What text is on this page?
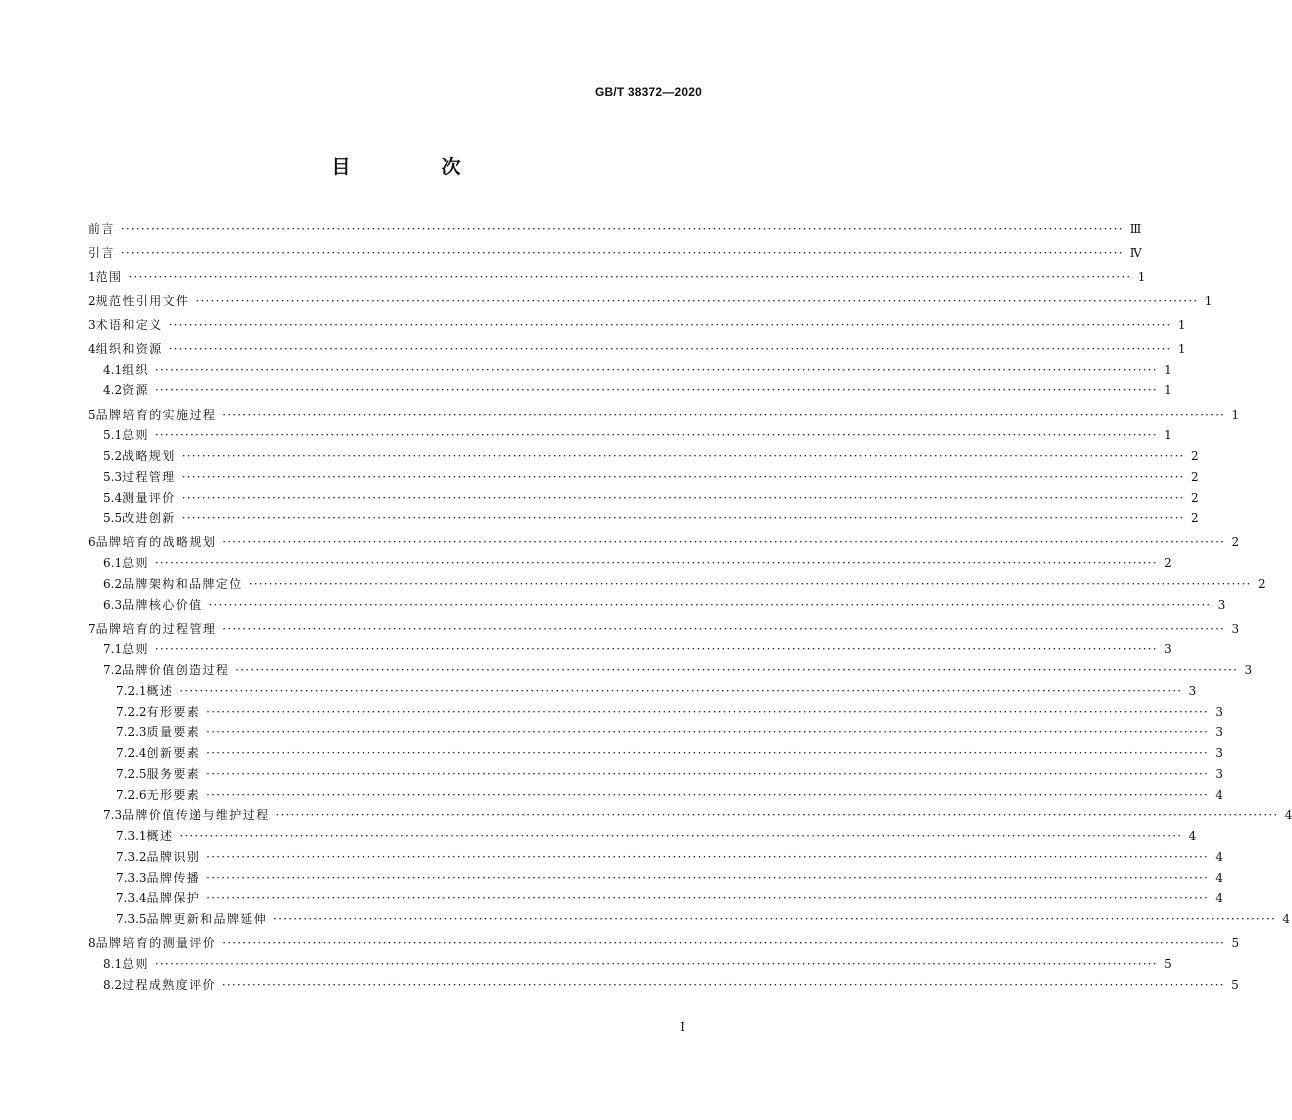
GB/T 38372—2020
目　次
前言 ········································································································································································································ Ⅲ
引言 ········································································································································································································ Ⅳ
1 范围 ········································································································································································································ 1
2 规范性引用文件 ········································································································································································································ 1
3 术语和定义 ········································································································································································································ 1
4 组织和资源 ········································································································································································································ 1
4.1 组织 ········································································································································································································ 1
4.2 资源 ········································································································································································································ 1
5 品牌培育的实施过程 ········································································································································································································ 1
5.1 总则 ········································································································································································································ 1
5.2 战略规划 ········································································································································································································ 2
5.3 过程管理 ········································································································································································································ 2
5.4 测量评价 ········································································································································································································ 2
5.5 改进创新 ········································································································································································································ 2
6 品牌培育的战略规划 ········································································································································································································ 2
6.1 总则 ········································································································································································································ 2
6.2 品牌架构和品牌定位 ········································································································································································································ 2
6.3 品牌核心价值 ········································································································································································································ 3
7 品牌培育的过程管理 ········································································································································································································ 3
7.1 总则 ········································································································································································································ 3
7.2 品牌价值创造过程 ········································································································································································································ 3
7.2.1 概述 ········································································································································································································ 3
7.2.2 有形要素 ········································································································································································································ 3
7.2.3 质量要素 ········································································································································································································ 3
7.2.4 创新要素 ········································································································································································································ 3
7.2.5 服务要素 ········································································································································································································ 3
7.2.6 无形要素 ········································································································································································································ 4
7.3 品牌价值传递与维护过程 ········································································································································································································ 4
7.3.1 概述 ········································································································································································································ 4
7.3.2 品牌识别 ········································································································································································································ 4
7.3.3 品牌传播 ········································································································································································································ 4
7.3.4 品牌保护 ········································································································································································································ 4
7.3.5 品牌更新和品牌延伸 ········································································································································································································ 4
8 品牌培育的测量评价 ········································································································································································································ 5
8.1 总则 ········································································································································································································ 5
8.2 过程成熟度评价 ········································································································································································································ 5
Ⅰ
